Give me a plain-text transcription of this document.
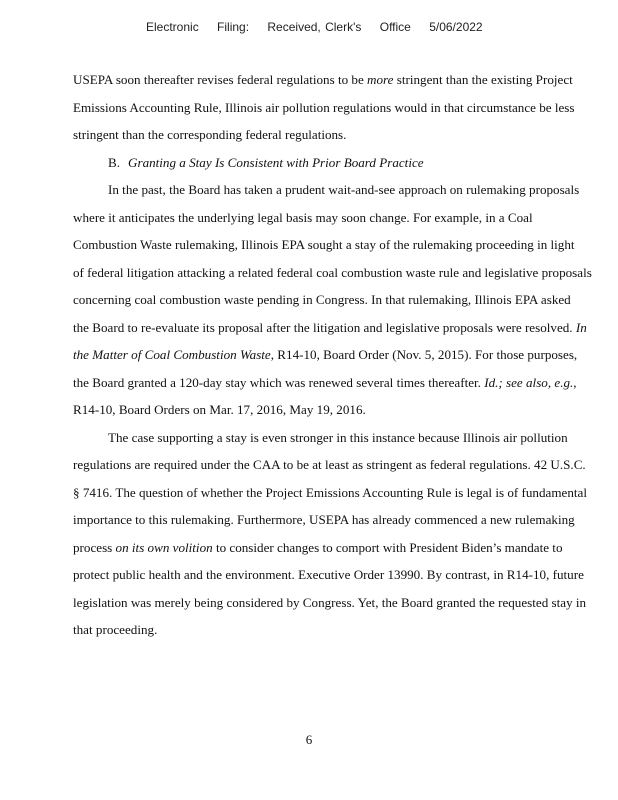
Electronic Filing: Received, Clerk's Office 5/06/2022
USEPA soon thereafter revises federal regulations to be more stringent than the existing Project
Emissions Accounting Rule, Illinois air pollution regulations would in that circumstance be less
stringent than the corresponding federal regulations.
B. Granting a Stay Is Consistent with Prior Board Practice
In the past, the Board has taken a prudent wait-and-see approach on rulemaking proposals
where it anticipates the underlying legal basis may soon change. For example, in a Coal
Combustion Waste rulemaking, Illinois EPA sought a stay of the rulemaking proceeding in light
of federal litigation attacking a related federal coal combustion waste rule and legislative proposals
concerning coal combustion waste pending in Congress. In that rulemaking, Illinois EPA asked
the Board to re-evaluate its proposal after the litigation and legislative proposals were resolved. In
the Matter of Coal Combustion Waste, R14-10, Board Order (Nov. 5, 2015). For those purposes,
the Board granted a 120-day stay which was renewed several times thereafter. Id.; see also, e.g.,
R14-10, Board Orders on Mar. 17, 2016, May 19, 2016.
The case supporting a stay is even stronger in this instance because Illinois air pollution
regulations are required under the CAA to be at least as stringent as federal regulations. 42 U.S.C.
§ 7416. The question of whether the Project Emissions Accounting Rule is legal is of fundamental
importance to this rulemaking. Furthermore, USEPA has already commenced a new rulemaking
process on its own volition to consider changes to comport with President Biden’s mandate to
protect public health and the environment. Executive Order 13990. By contrast, in R14-10, future
legislation was merely being considered by Congress. Yet, the Board granted the requested stay in
that proceeding.
6
